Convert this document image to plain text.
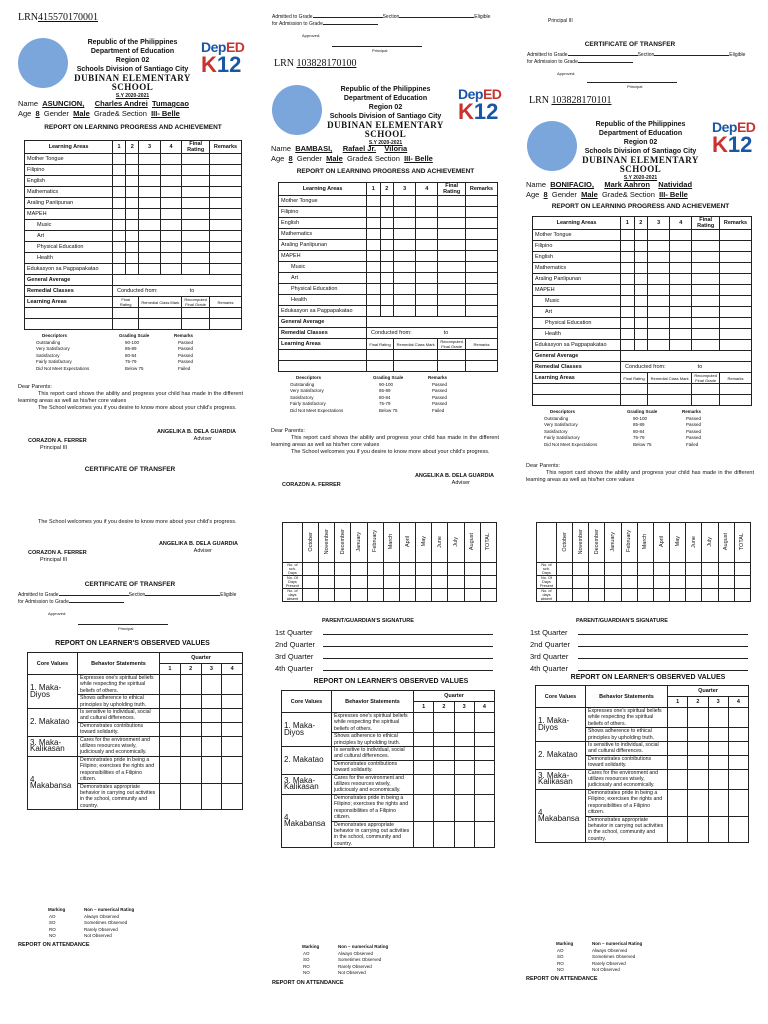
LRN415570170001
Republic of the Philippines
Department of Education
Region 02
Schools Division of Santiago City
DUBINAN ELEMENTARY SCHOOL
S.Y 2020-2021
DepED
K12
Name ASUNCION, Charles Andrei Tumagcao
Age 8 Gender Male Grade& Section III- Belle
REPORT ON LEARNING PROGRESS AND ACHIEVEMENT
Learning Areas	1	2	3	4	Final Rating	Remarks
Mother Tongue						
Filipino						
English						
Mathematics						
Araling Panlipunan						
MAPEH						
Music						
Art						
Physical Education						
Health						
Edukasyon sa Pagpapakatao						
General Average						
Remedial Classes	Conducted from: to					
Learning Areas	Final Rating		Remedial Class Mark		Recomputed Final Grade	Remarks

Descriptors	Grading Scale	Remarks
Outstanding	90-100	Passed
Very Satisfactory	85-89	Passed
Satisfactory	80-84	Passed
Fairly Satisfactory	75-79	Passed
Did Not Meet Expectations	Below 75	Failed
Dear Parents:
This report card shows the ability and progress your child has made in the different learning areas as well as his/her core values
The School welcomes you if you desire to know more about your child's progress.
ANGELIKA B. DELA GUARDIA
CORAZON A. FERRER	Adviser
Principal III
CERTIFICATE OF TRANSFER
Admitted to Grade	Section	Eligible
for Admission to Grade
Approved:
Principal
LRN 103828170100
Republic of the Philippines
Department of Education
Region 02
Schools Division of Santiago City
DUBINAN ELEMENTARY SCHOOL
S.Y 2020-2021
DepED
K12
Name BAMBASI, Rafael Jr. Viloria
Age 8 Gender Male Grade& Section III- Belle
REPORT ON LEARNING PROGRESS AND ACHIEVEMENT
Learning Areas	1	2	3	4	Final Rating	Remarks
Mother Tongue						
Filipino						
English						
Mathematics						
Araling Panlipunan						
MAPEH						
Music						
Art						
Physical Education						
Health						
Edukasyon sa Pagpapakatao						
General Average						
Remedial Classes	Conducted from: to					
Learning Areas	Final Rating		Remedial Class Mark		Recomputed Final Grade	Remarks

Descriptors	Grading Scale	Remarks
Outstanding	90-100	Passed
Very Satisfactory	85-89	Passed
Satisfactory	80-84	Passed
Fairly Satisfactory	75-79	Passed
Did Not Meet Expectations	Below 75	Failed
Dear Parents:
This report card shows the ability and progress your child has made in the different learning areas as well as his/her core values
The School welcomes you if you desire to know more about your child's progress.
ANGELIKA B. DELA GUARDIA
CORAZON A. FERRER	Adviser
Principal III
CERTIFICATE OF TRANSFER
Admitted to Grade	Section	Eligible
for Admission to Grade
Approved:
Principal
LRN 103828170101
Republic of the Philippines
Department of Education
Region 02
Schools Division of Santiago City
DUBINAN ELEMENTARY SCHOOL
S.Y 2020-2021
DepED
K12
Name BONIFACIO, Mark Aahron Natividad
Age 8 Gender Male Grade& Section III- Belle
REPORT ON LEARNING PROGRESS AND ACHIEVEMENT
Learning Areas	1	2	3	4	Final Rating	Remarks
Mother Tongue						
Filipino						
English						
Mathematics						
Araling Panlipunan						
MAPEH						
Music						
Art						
Physical Education						
Health						
Edukasyon sa Pagpapakatao						
General Average						
Remedial Classes	Conducted from: to					
Learning Areas	Final Rating		Remedial Class Mark		Recomputed Final Grade	Remarks

Descriptors	Grading Scale	Remarks
Outstanding	90-100	Passed
Very Satisfactory	85-89	Passed
Satisfactory	80-84	Passed
Fairly Satisfactory	75-79	Passed
Did Not Meet Expectations	Below 75	Failed
Dear Parents:
This report card shows the ability and progress your child has made in the different learning areas as well as his/her core values
The School welcomes you if you desire to know more about your child's progress.
ANGELIKA B. DELA GUARDIA
CORAZON A. FERRER	Adviser
Principal III
CERTIFICATE OF TRANSFER
Admitted to Grade	Section	Eligible
for Admission to Grade
Approved:
Principal
REPORT ON LEARNER'S OBSERVED VALUES
Core Values	Behavior Statements	Quarter			
		1	2	3	4
1. Maka-Diyos	Expresses one's spiritual beliefs while respecting the spiritual beliefs of others.				
	Shows adherence to ethical principles by upholding truth.				
2. Makatao	Is sensitive to individual, social and cultural differences.				
	Demonstrates contributions toward solidarity.				
3. Maka-Kalikasan	Cares for the environment and utilizes resources wisely, judiciously and economically.				
4. Makabansa	Demonstrates pride in being a Filipino; exercises the rights and responsibilities of a Filipino citizen.				
	Demonstrates appropriate behavior in carrying out activities in the school, community and country.				
Marking	Non – numerical Rating
AO	Always Observed
SO	Sometimes Observed
RO	Rarely Observed
NO	Not Observed
REPORT ON ATTENDANCE
	October	November	December	January	February	March	April	May	June	July	August	TOTAL
No. of sch. Days												
No. Of Days Present												
No. of days absent												
PARENT/GUARDIAN'S SIGNATURE
1st Quarter
2nd Quarter
3rd Quarter
4th Quarter
REPORT ON LEARNER'S OBSERVED VALUES
Core Values	Behavior Statements	Quarter			
		1	2	3	4
1. Maka-Diyos	Expresses one's spiritual beliefs while respecting the spiritual beliefs of others.				
	Shows adherence to ethical principles by upholding truth.				
2. Makatao	Is sensitive to individual, social and cultural differences.				
	Demonstrates contributions toward solidarity.				
3. Maka-Kalikasan	Cares for the environment and utilizes resources wisely, judiciously and economically.				
4. Makabansa	Demonstrates pride in being a Filipino; exercises the rights and responsibilities of a Filipino citizen.				
	Demonstrates appropriate behavior in carrying out activities in the school, community and country.				
Marking	Non – numerical Rating
AO	Always Observed
SO	Sometimes Observed
RO	Rarely Observed
NO	Not Observed
REPORT ON ATTENDANCE
	October	November	December	January	February	March	April	May	June	July	August	TOTAL
No. of sch. Days												
No. Of Days Present												
No. of days absent												
PARENT/GUARDIAN'S SIGNATURE
1st Quarter
2nd Quarter
3rd Quarter
4th Quarter
REPORT ON LEARNER'S OBSERVED VALUES
Core Values	Behavior Statements	Quarter			
		1	2	3	4
1. Maka-Diyos	Expresses one's spiritual beliefs while respecting the spiritual beliefs of others.				
	Shows adherence to ethical principles by upholding truth.				
2. Makatao	Is sensitive to individual, social and cultural differences.				
	Demonstrates contributions toward solidarity.				
3. Maka-Kalikasan	Cares for the environment and utilizes resources wisely, judiciously and economically.				
4. Makabansa	Demonstrates pride in being a Filipino; exercises the rights and responsibilities of a Filipino citizen.				
	Demonstrates appropriate behavior in carrying out activities in the school, community and country.				
Marking	Non – numerical Rating
AO	Always Observed
SO	Sometimes Observed
RO	Rarely Observed
NO	Not Observed
REPORT ON ATTENDANCE
